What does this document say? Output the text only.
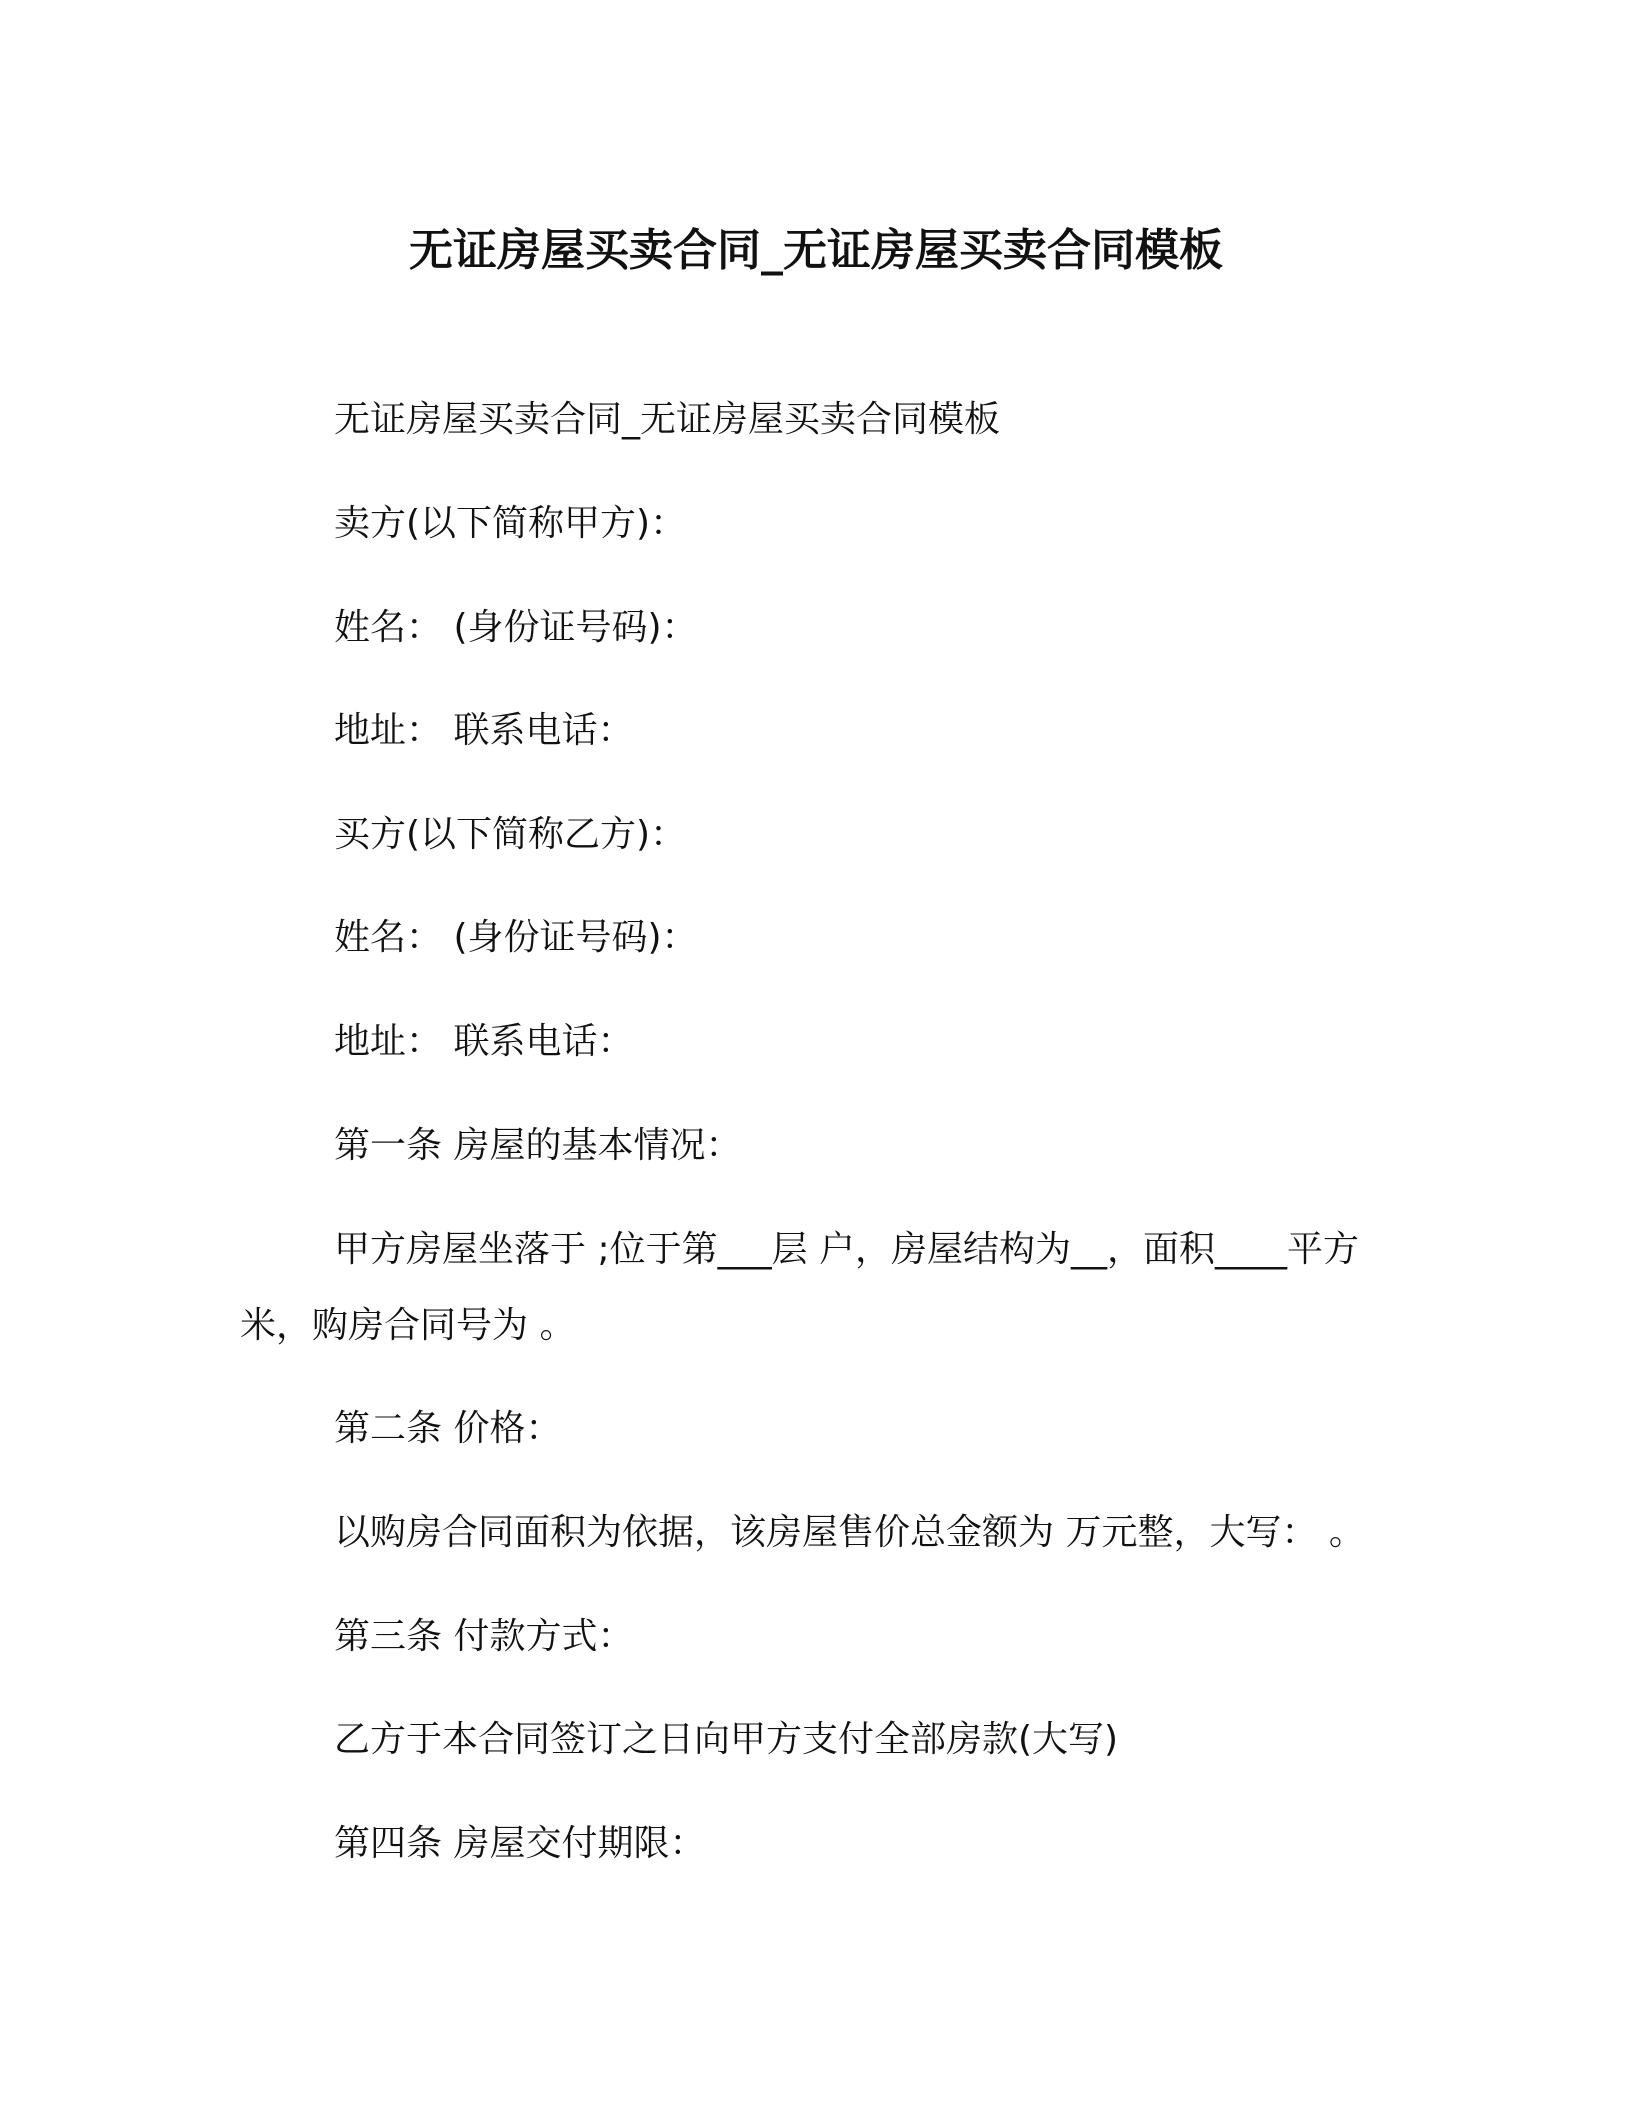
无证房屋买卖合同_无证房屋买卖合同模板
无证房屋买卖合同_无证房屋买卖合同模板
卖方(以下简称甲方)：
姓名： (身份证号码)：
地址： 联系电话：
买方(以下简称乙方)：
姓名： (身份证号码)：
地址： 联系电话：
第一条 房屋的基本情况：
甲方房屋坐落于 ;位于第___层 户，房屋结构为__，面积____平方米，购房合同号为 。
第二条 价格：
以购房合同面积为依据，该房屋售价总金额为 万元整，大写： 。
第三条 付款方式：
乙方于本合同签订之日向甲方支付全部房款(大写)
第四条 房屋交付期限：
